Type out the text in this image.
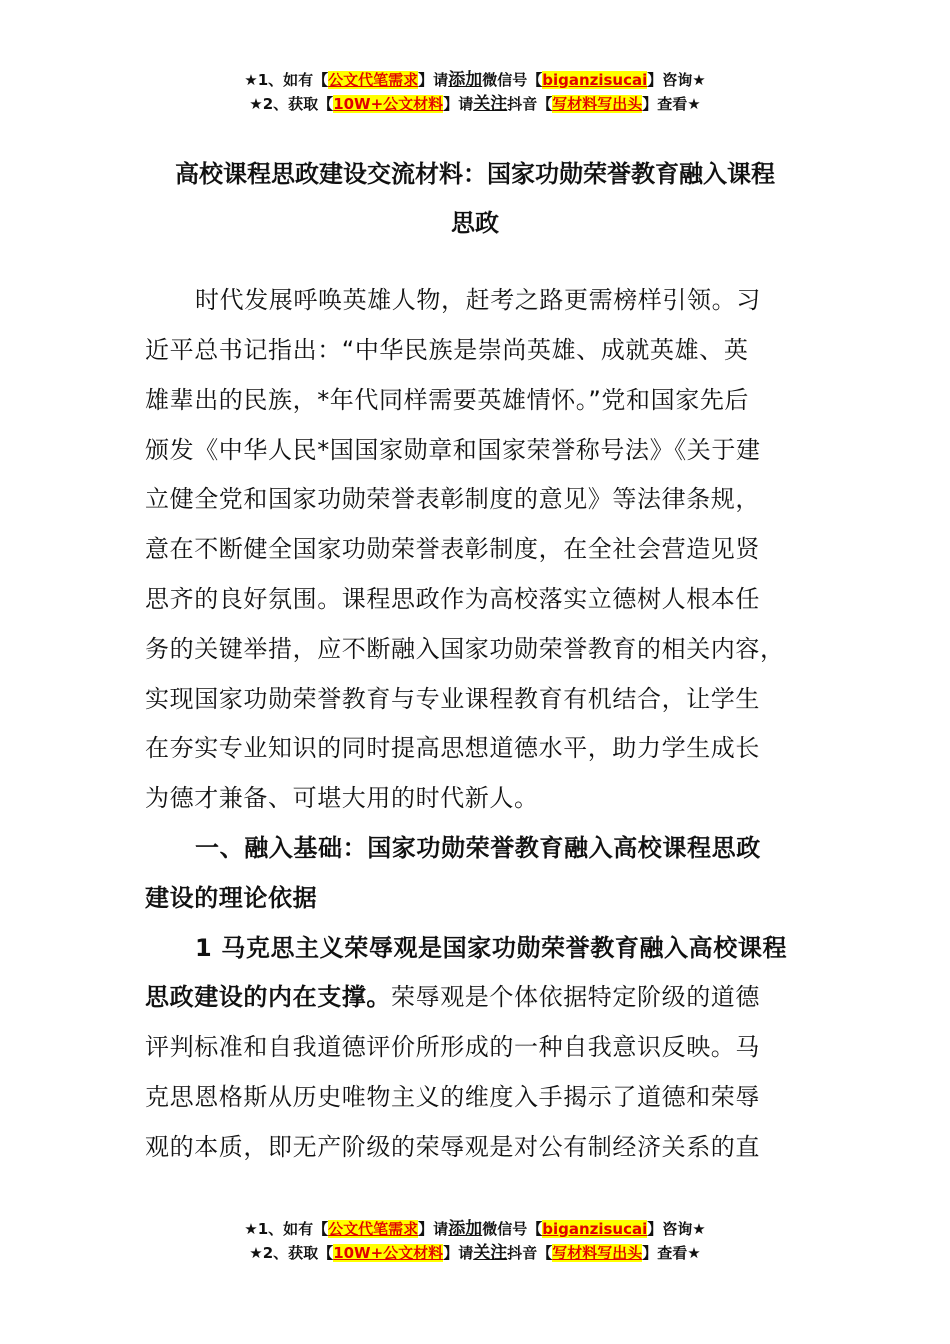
★1、如有【公文代笔需求】请添加微信号【biganzisucai】咨询★
★2、获取【10W+公文材料】请关注抖音【写材料写出头】查看★
高校课程思政建设交流材料：国家功勋荣誉教育融入课程
思政
时代发展呼唤英雄人物，赶考之路更需榜样引领。习
近平总书记指出：“中华民族是崇尚英雄、成就英雄、英
雄辈出的民族，*年代同样需要英雄情怀。”党和国家先后
颁发《中华人民*国国家勋章和国家荣誉称号法》《关于建
立健全党和国家功勋荣誉表彰制度的意见》等法律条规，
意在不断健全国家功勋荣誉表彰制度，在全社会营造见贤
思齐的良好氛围。课程思政作为高校落实立德树人根本任
务的关键举措，应不断融入国家功勋荣誉教育的相关内容，
实现国家功勋荣誉教育与专业课程教育有机结合，让学生
在夯实专业知识的同时提高思想道德水平，助力学生成长
为德才兼备、可堪大用的时代新人。
一、融入基础：国家功勋荣誉教育融入高校课程思政
建设的理论依据
1 马克思主义荣辱观是国家功勋荣誉教育融入高校课程
思政建设的内在支撑。荣辱观是个体依据特定阶级的道德
评判标准和自我道德评价所形成的一种自我意识反映。马
克思恩格斯从历史唯物主义的维度入手揭示了道德和荣辱
观的本质，即无产阶级的荣辱观是对公有制经济关系的直
★1、如有【公文代笔需求】请添加微信号【biganzisucai】咨询★
★2、获取【10W+公文材料】请关注抖音【写材料写出头】查看★
